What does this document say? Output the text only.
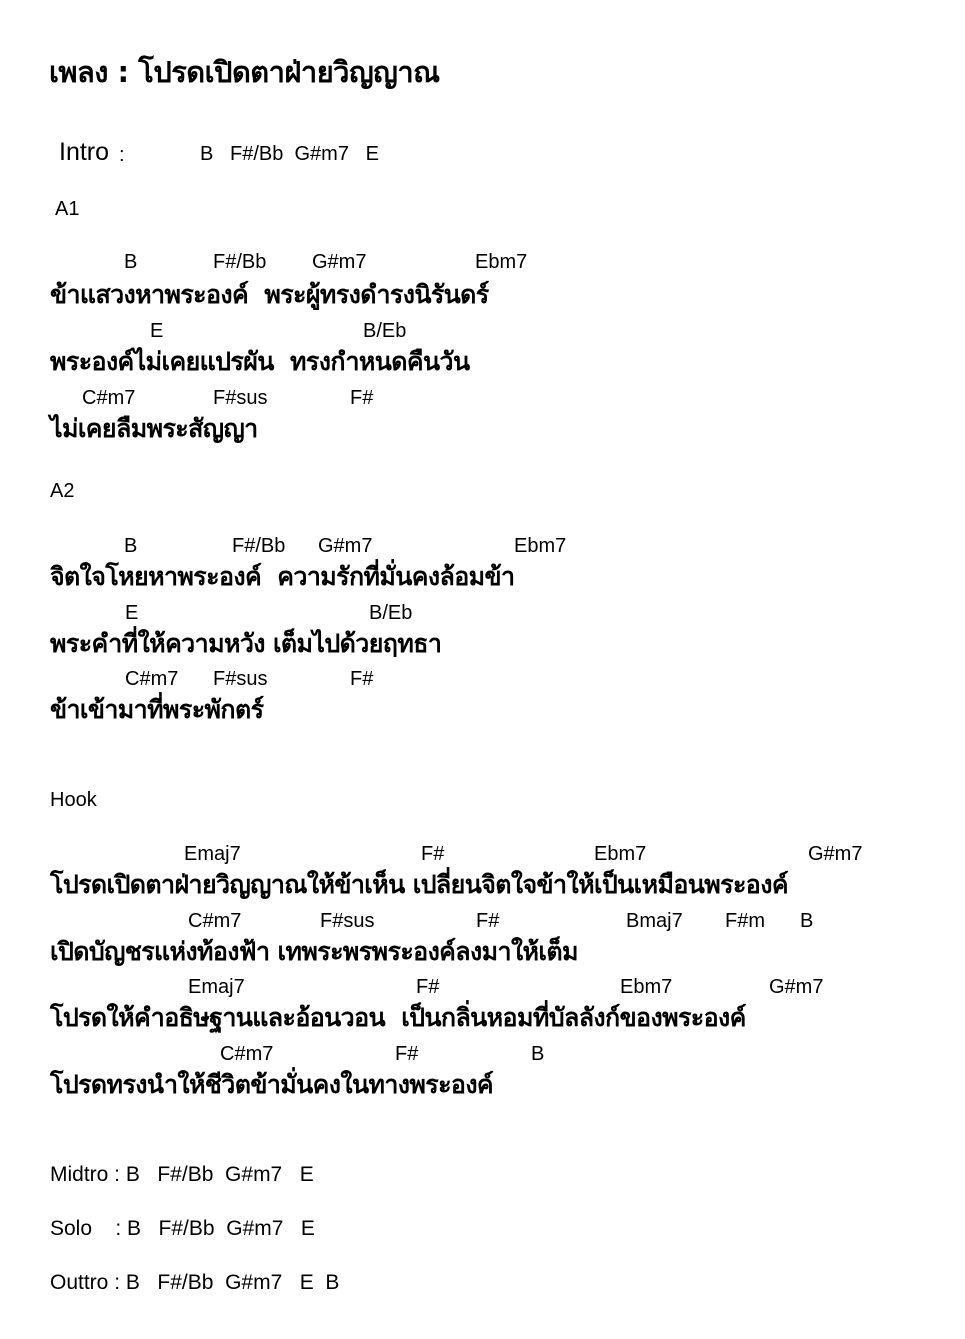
เพลง : โปรดเปิดตาฝ่ายวิญญาณ
Intro :	B   F#/Bb  G#m7   E
A1
B	F#/Bb G#m7	Ebm7
ข้าแสวงหาพระองค์  พระผู้ทรงดำรงนิรันดร์
E	B/Eb
พระองค์ไม่เคยแปรผัน  ทรงกำหนดคืนวัน
C#m7	F#sus	F#
ไม่เคยลืมพระสัญญา
A2
B	F#/Bb G#m7	Ebm7
จิตใจโหยหาพระองค์  ความรักที่มั่นคงล้อมข้า
E	B/Eb
พระคำที่ให้ความหวัง เต็มไปด้วยฤทธา
C#m7 F#sus	F#
ข้าเข้ามาที่พระพักตร์
Hook
Emaj7	F#	Ebm7	G#m7
โปรดเปิดตาฝ่ายวิญญาณให้ข้าเห็น เปลี่ยนจิตใจข้าให้เป็นเหมือนพระองค์
C#m7	F#sus	F#	Bmaj7 F#m B
เปิดบัญชรแห่งท้องฟ้า เทพระพรพระองค์ลงมาให้เต็ม
Emaj7	F#	Ebm7	G#m7
โปรดให้คำอธิษฐานและอ้อนวอน  เป็นกลิ่นหอมที่บัลลังก์ของพระองค์
C#m7	F#	B
โปรดทรงนำให้ชีวิตข้ามั่นคงในทางพระองค์
Midtro : B   F#/Bb  G#m7   E
Solo    : B   F#/Bb  G#m7   E
Outtro : B   F#/Bb  G#m7   E  B
